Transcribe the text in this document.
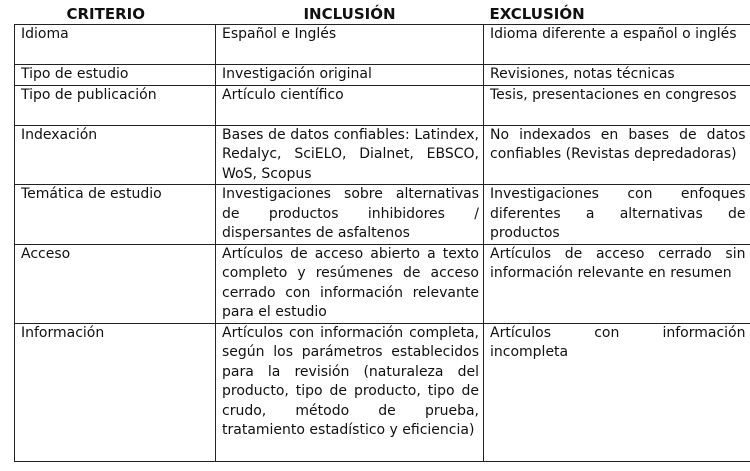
CRITERIO	INCLUSIÓN	EXCLUSIÓN
Idioma	Español e Inglés	Idioma diferente a español o inglés
Tipo de estudio	Investigación original	Revisiones, notas técnicas
Tipo de publicación	Artículo científico	Tesis, presentaciones en congresos
Indexación	Bases de datos confiables: Latindex, Redalyc, SciELO, Dialnet, EBSCO, WoS, Scopus	No indexados en bases de datos confiables (Revistas depredadoras)
Temática de estudio	Investigaciones sobre alternativas de productos inhibidores / dispersantes de asfaltenos	Investigaciones con enfoques diferentes a alternativas de productos
Acceso	Artículos de acceso abierto a texto completo y resúmenes de acceso cerrado con información relevante para el estudio	Artículos de acceso cerrado sin información relevante en resumen
Información	Artículos con información completa, según los parámetros establecidos para la revisión (naturaleza del producto, tipo de producto, tipo de crudo, método de prueba, tratamiento estadístico y eficiencia)	Artículos con información incompleta
